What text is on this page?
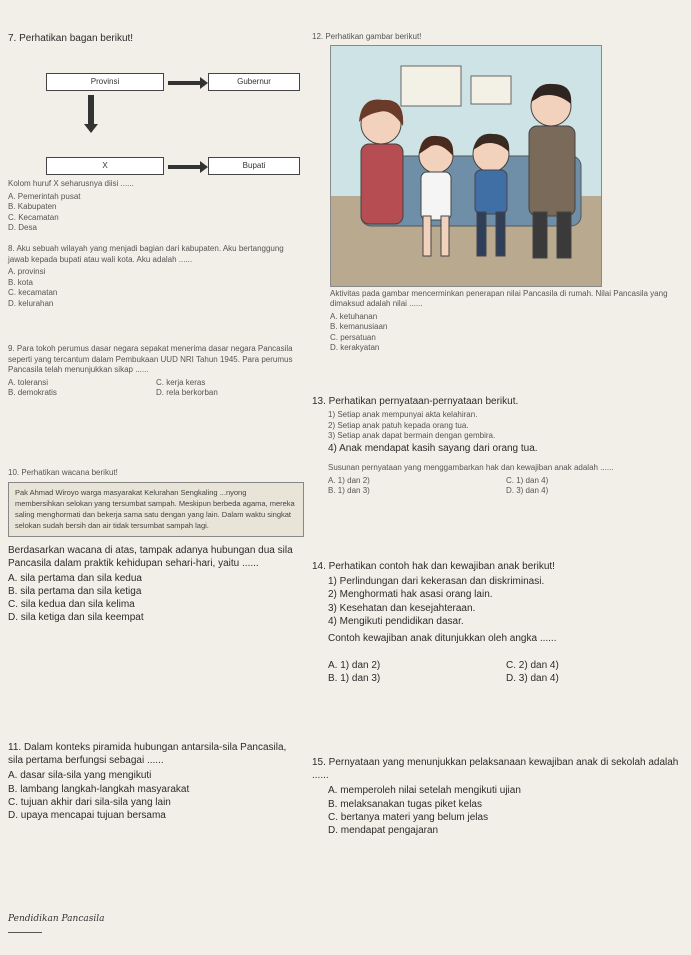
7. Perhatikan bagan berikut!

Provinsi	Gubernur
X	Bupati

Kolom huruf X seharusnya diisi ......

A. Pemerintah pusat

B. Kabupaten

C. Kecamatan

D. Desa

8. Aku sebuah wilayah yang menjadi bagian dari kabupaten. Aku bertanggung jawab kepada bupati atau wali kota. Aku adalah ......

A. provinsi

B. kota

C. kecamatan

D. kelurahan

9. Para tokoh perumus dasar negara sepakat menerima dasar negara Pancasila seperti yang tercantum dalam Pembukaan UUD NRI Tahun 1945. Para perumus Pancasila telah menunjukkan sikap ......

A. toleransi	C. kerja keras

B. demokratis	D. rela berkorban

10. Perhatikan wacana berikut!

Pak Ahmad Wiroyo warga masyarakat Kelurahan Sengkaling ...nyong membersihkan selokan yang tersumbat sampah. Meskipun berbeda agama, mereka saling menghormati dan bekerja sama satu dengan yang lain. Dalam waktu singkat selokan sudah bersih dan air tidak tersumbat sampah lagi.

Berdasarkan wacana di atas, tampak adanya hubungan dua sila Pancasila dalam praktik kehidupan sehari-hari, yaitu ......

A. sila pertama dan sila kedua

B. sila pertama dan sila ketiga

C. sila kedua dan sila kelima

D. sila ketiga dan sila keempat

11. Dalam konteks piramida hubungan antarsila-sila Pancasila, sila pertama berfungsi sebagai ......

A. dasar sila-sila yang mengikuti

B. lambang langkah-langkah masyarakat

C. tujuan akhir dari sila-sila yang lain

D. upaya mencapai tujuan bersama

Pendidikan Pancasila

12. Perhatikan gambar berikut!

Aktivitas pada gambar mencerminkan penerapan nilai Pancasila di rumah. Nilai Pancasila yang dimaksud adalah nilai ......

A. ketuhanan

B. kemanusiaan

C. persatuan

D. kerakyatan

13. Perhatikan pernyataan-pernyataan berikut.

1) Setiap anak mempunyai akta kelahiran.

2) Setiap anak patuh kepada orang tua.

3) Setiap anak dapat bermain dengan gembira.

4) Anak mendapat kasih sayang dari orang tua.

Susunan pernyataan yang menggambarkan hak dan kewajiban anak adalah ......

A. 1) dan 2)	C. 1) dan 4)

B. 1) dan 3)	D. 3) dan 4)

14. Perhatikan contoh hak dan kewajiban anak berikut!

1) Perlindungan dari kekerasan dan diskriminasi.

2) Menghormati hak asasi orang lain.

3) Kesehatan dan kesejahteraan.

4) Mengikuti pendidikan dasar.

Contoh kewajiban anak ditunjukkan oleh angka ......

A. 1) dan 2)	C. 2) dan 4)

B. 1) dan 3)	D. 3) dan 4)

15. Pernyataan yang menunjukkan pelaksanaan kewajiban anak di sekolah adalah ......

A. memperoleh nilai setelah mengikuti ujian

B. melaksanakan tugas piket kelas

C. bertanya materi yang belum jelas

D. mendapat pengajaran
